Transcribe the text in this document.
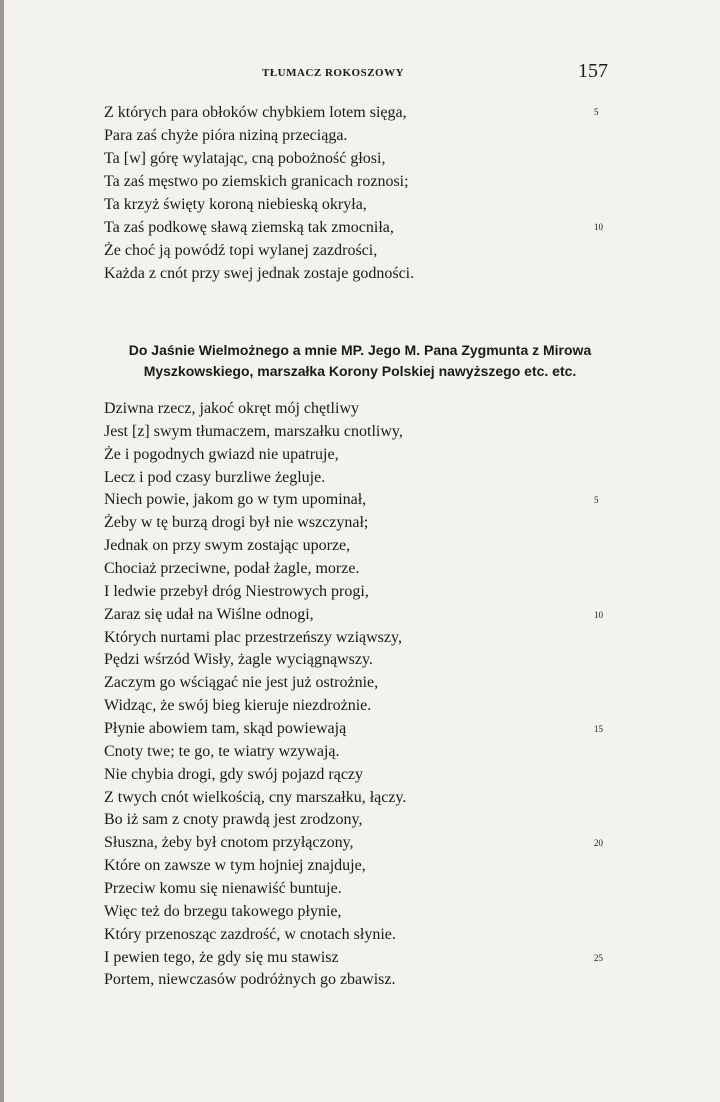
TŁUMACZ ROKOSZOWY	157
Z których para obłoków chybkiem lotem sięga,	5
Para zaś chyże pióra niziną przeciąga.
Ta [w] górę wylatając, cną pobożność głosi,
Ta zaś męstwo po ziemskich granicach roznosi;
Ta krzyż święty koroną niebieską okryła,
Ta zaś podkowę sławą ziemską tak zmocniła,	10
Że choć ją powódź topi wylanej zazdrości,
Każda z cnót przy swej jednak zostaje godności.
Do Jaśnie Wielmożnego a mnie MP. Jego M. Pana Zygmunta z Mirowa
Myszkowskiego, marszałka Korony Polskiej nawyższego etc. etc.
Dziwna rzecz, jakoć okręt mój chętliwy
Jest [z] swym tłumaczem, marszałku cnotliwy,
Że i pogodnych gwiazd nie upatruje,
Lecz i pod czasy burzliwe żegluje.
Niech powie, jakom go w tym upominał,	5
Żeby w tę burzą drogi był nie wszczynał;
Jednak on przy swym zostając uporze,
Chociaż przeciwne, podał żagle, morze.
I ledwie przebył dróg Niestrowych progi,
Zaraz się udał na Wiślne odnogi,	10
Których nurtami plac przestrzeńszy wziąwszy,
Pędzi wśrzód Wisły, żagle wyciągnąwszy.
Zaczym go wściągać nie jest już ostrożnie,
Widząc, że swój bieg kieruje niezdrożnie.
Płynie abowiem tam, skąd powiewają	15
Cnoty twe; te go, te wiatry wzywają.
Nie chybia drogi, gdy swój pojazd rączy
Z twych cnót wielkością, cny marszałku, łączy.
Bo iż sam z cnoty prawdą jest zrodzony,
Słuszna, żeby był cnotom przyłączony,	20
Które on zawsze w tym hojniej znajduje,
Przeciw komu się nienawiść buntuje.
Więc też do brzegu takowego płynie,
Który przenosząc zazdrość, w cnotach słynie.
I pewien tego, że gdy się mu stawisz	25
Portem, niewczasów podróżnych go zbawisz.
